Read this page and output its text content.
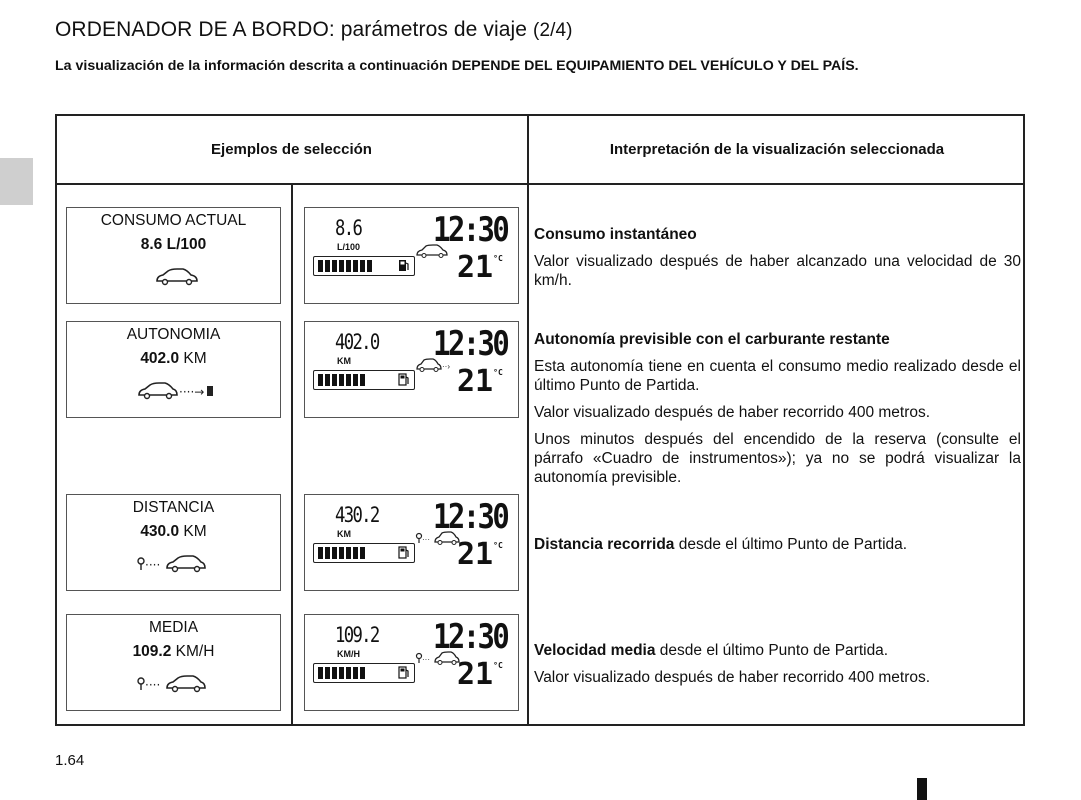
ORDENADOR DE A BORDO: parámetros de viaje (2/4)
La visualización de la información descrita a continuación DEPENDE DEL EQUIPAMIENTO DEL VEHÍCULO Y DEL PAÍS.
Ejemplos de selección	Interpretación de la visualización seleccionada
CONSUMO ACTUAL
8.6 L/100
8.6
L/100 12:30
$21^{^\circ C}$
Consumo instantáneo
Valor visualizado después de haber alcanzado una velocidad de 30 km/h.
AUTONOMIA
402.0 KM
····→
402.0
KM 12:30
··› $21^{^\circ C}$
Autonomía previsible con el carburante restante
Esta autonomía tiene en cuenta el consumo medio realizado desde el último Punto de Partida.
Valor visualizado después de haber recorrido 400 metros.
Unos minutos después del encendido de la reserva (consulte el párrafo «Cuadro de instrumentos»); ya no se podrá visualizar la autonomía previsible.
DISTANCIA
430.0 KM
····
430.2
KM 12:30
··· $21^{^\circ C}$ Distancia recorrida desde el último Punto de Partida.
MEDIA
109.2 KM/H
····
109.2
KM/H 12:30
··· $21^{^\circ C}$
Velocidad media desde el último Punto de Partida.
Valor visualizado después de haber recorrido 400 metros.
1.64
